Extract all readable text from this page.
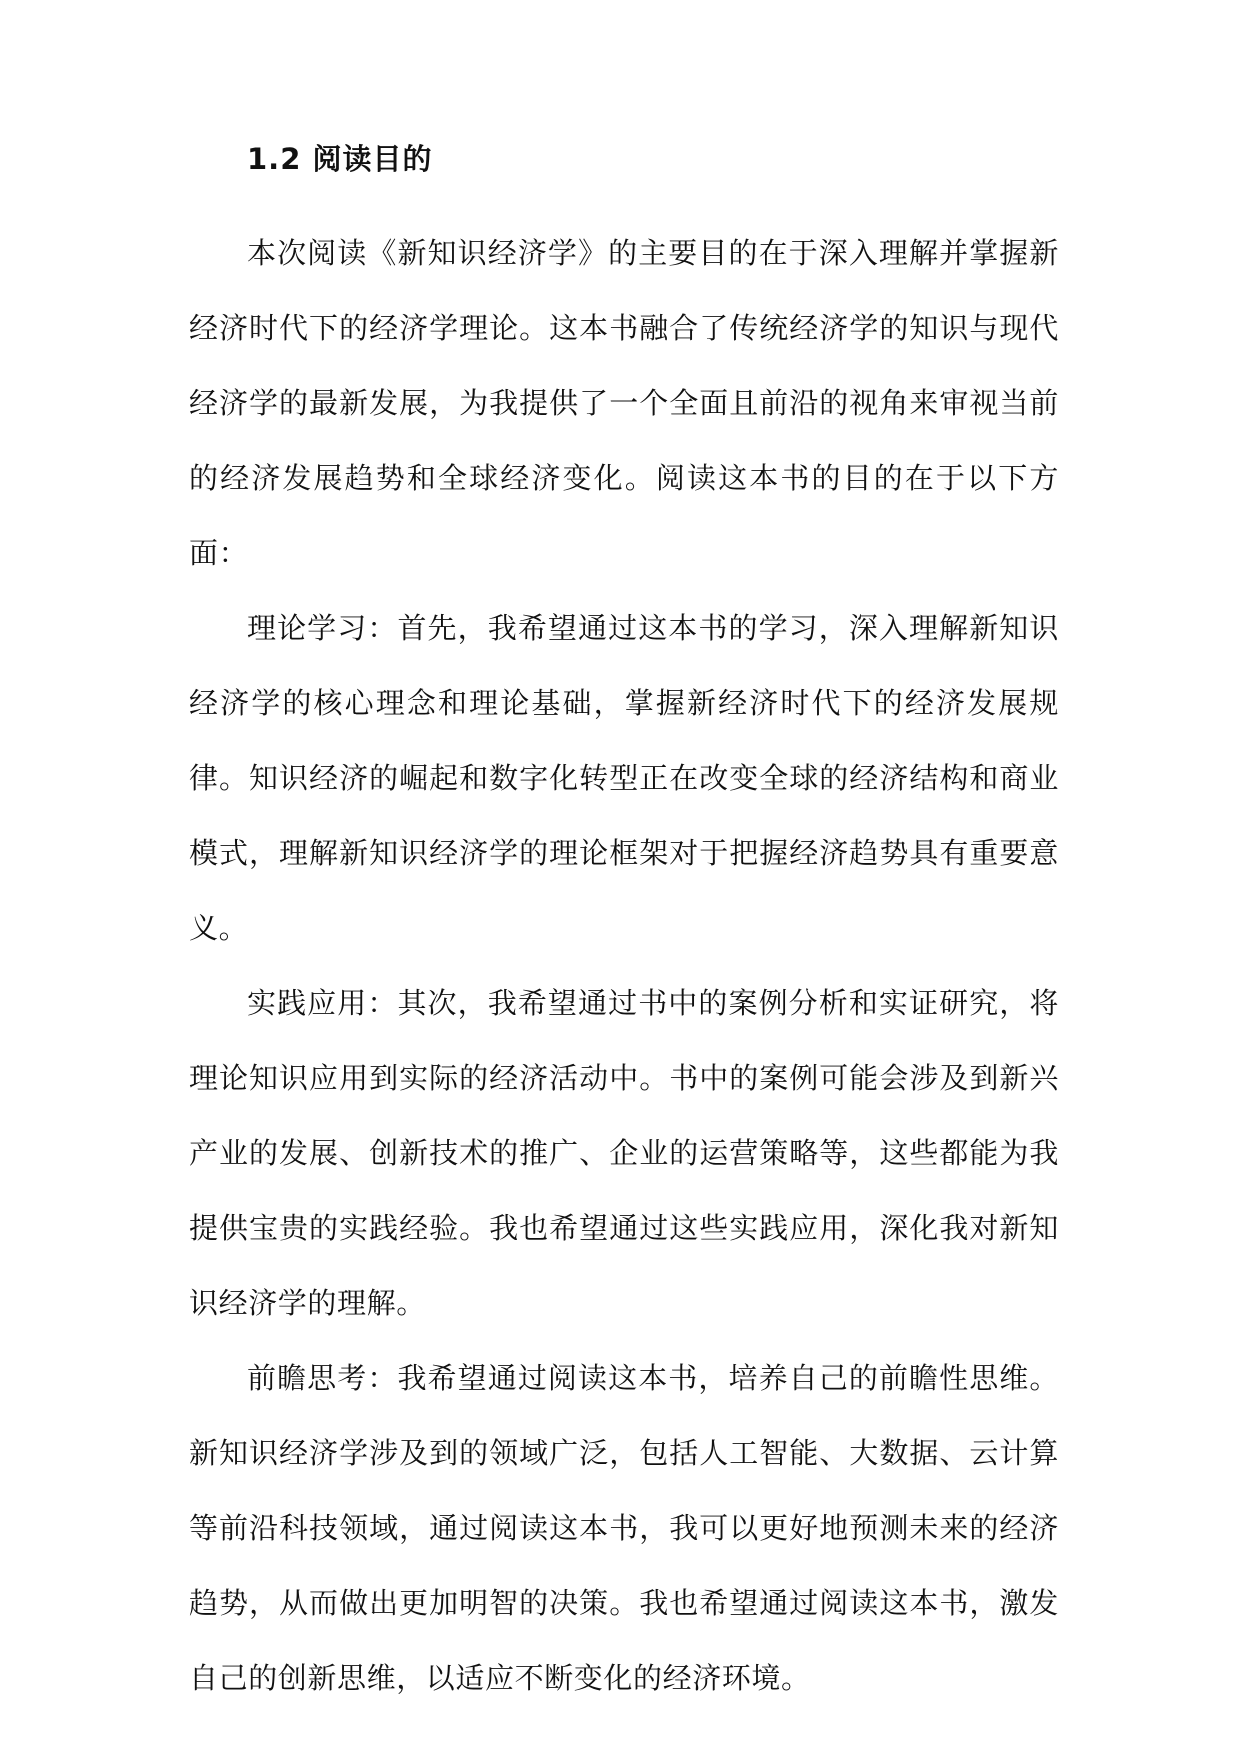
1.2 阅读目的

本次阅读《新知识经济学》的主要目的在于深入理解并掌握新经济时代下的经济学理论。这本书融合了传统经济学的知识与现代经济学的最新发展，为我提供了一个全面且前沿的视角来审视当前的经济发展趋势和全球经济变化。阅读这本书的目的在于以下方面：

理论学习：首先，我希望通过这本书的学习，深入理解新知识经济学的核心理念和理论基础，掌握新经济时代下的经济发展规律。知识经济的崛起和数字化转型正在改变全球的经济结构和商业模式，理解新知识经济学的理论框架对于把握经济趋势具有重要意义。

实践应用：其次，我希望通过书中的案例分析和实证研究，将理论知识应用到实际的经济活动中。书中的案例可能会涉及到新兴产业的发展、创新技术的推广、企业的运营策略等，这些都能为我提供宝贵的实践经验。我也希望通过这些实践应用，深化我对新知识经济学的理解。

前瞻思考：我希望通过阅读这本书，培养自己的前瞻性思维。新知识经济学涉及到的领域广泛，包括人工智能、大数据、云计算等前沿科技领域，通过阅读这本书，我可以更好地预测未来的经济趋势，从而做出更加明智的决策。我也希望通过阅读这本书，激发自己的创新思维，以适应不断变化的经济环境。
